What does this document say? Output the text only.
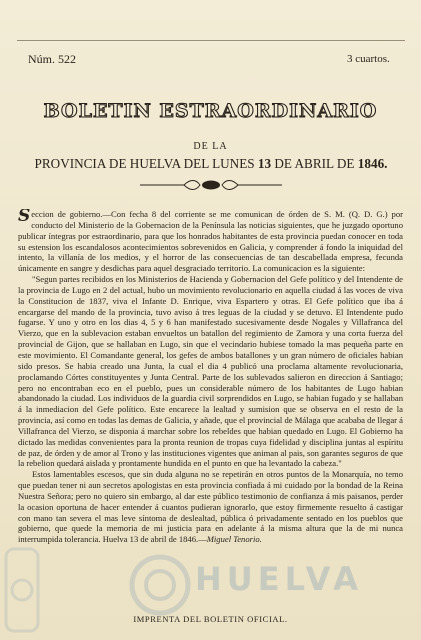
Núm. 522	3 cuartos.
BOLETIN ESTRAORDINARIO
DE LA
PROVINCIA DE HUELVA DEL LUNES 13 DE ABRIL DE 1846.

Seccion de gobierno.—Con fecha 8 del corriente se me comunican de órden de S. M. (Q. D. G.) por conducto del Ministerio de la Gobernacion de la Península las noticias siguientes, que he juzgado oportuno publicar íntegras por estraordinario, para que los honrados habitantes de esta provincia puedan conocer en toda su estension los escandalosos acontecimientos sobrevenidos en Galicia, y comprender á fondo la iniquidad del intento, la villanía de los medios, y el horror de las consecuencias de tan descabellada empresa, fecunda únicamente en sangre y desdichas para aquel desgraciado territorio. La comunicacion es la siguiente:

"Segun partes recibidos en los Ministerios de Hacienda y Gobernacion del Gefe político y del Intendente de la provincia de Lugo en 2 del actual, hubo un movimiento revolucionario en aquella ciudad á las voces de viva la Constitucion de 1837, viva el Infante D. Enrique, viva Espartero y otras. El Gefe político que iba á encargarse del mando de la provincia, tuvo aviso á tres leguas de la ciudad y se detuvo. El Intendente pudo fugarse. Y uno y otro en los dias 4, 5 y 6 han manifestado sucesivamente desde Nogales y Villafranca del Vierzo, que en la sublevacion estaban envueltos un batallon del regimiento de Zamora y una corta fuerza del provincial de Gijon, que se hallaban en Lugo, sin que el vecindario hubiese tomado la mas pequeña parte en este movimiento. El Comandante general, los gefes de ambos batallones y un gran número de oficiales habian sido presos. Se habia creado una Junta, la cual el dia 4 publicó una proclama altamente revolucionaria, proclamando Córtes constituyentes y Junta Central. Parte de los sublevados salieron en direccion á Santiago; pero no encontraban eco en el pueblo, pues un considerable número de los habitantes de Lugo habian abandonado la ciudad. Los individuos de la guardia civil sorprendidos en Lugo, se habian fugado y se hallaban á la inmediacion del Gefe político. Este encarece la lealtad y sumision que se observa en el resto de la provincia, así como en todas las demas de Galicia, y añade, que el provincial de Málaga que acababa de llegar á Villafranca del Vierzo, se disponia á marchar sobre los rebeldes que habian quedado en Lugo. El Gobierno ha dictado las medidas convenientes para la pronta reunion de tropas cuya fidelidad y disciplina juntas al espíritu de paz, de órden y de amor al Trono y las instituciones vigentes que animan al pais, son garantes seguros de que la rebelion quedará aislada y prontamente hundida en el punto en que ha levantado la cabeza."

Estos lamentables escesos, que sin duda alguna no se repetirán en otros puntos de la Monarquía, no temo que puedan tener ni aun secretos apologistas en esta provincia confiada á mi cuidado por la bondad de la Reina Nuestra Señora; pero no quiero sin embargo, al dar este público testimonio de confianza á mis paisanos, perder la ocasion oportuna de hacer entender á cuantos pudieran ignorarlo, que estoy firmemente resuelto á castigar con mano tan severa el mas leve síntoma de deslealtad, pública ó privadamente sentado en los pueblos que gobierno, que quede la memoria de mi justicia para en adelante á la misma altura que la de mi nunca interrumpida tolerancia. Huelva 13 de abril de 1846.—Miguel Tenorio.

HUELVA
IMPRENTA DEL BOLETIN OFICIAL.
